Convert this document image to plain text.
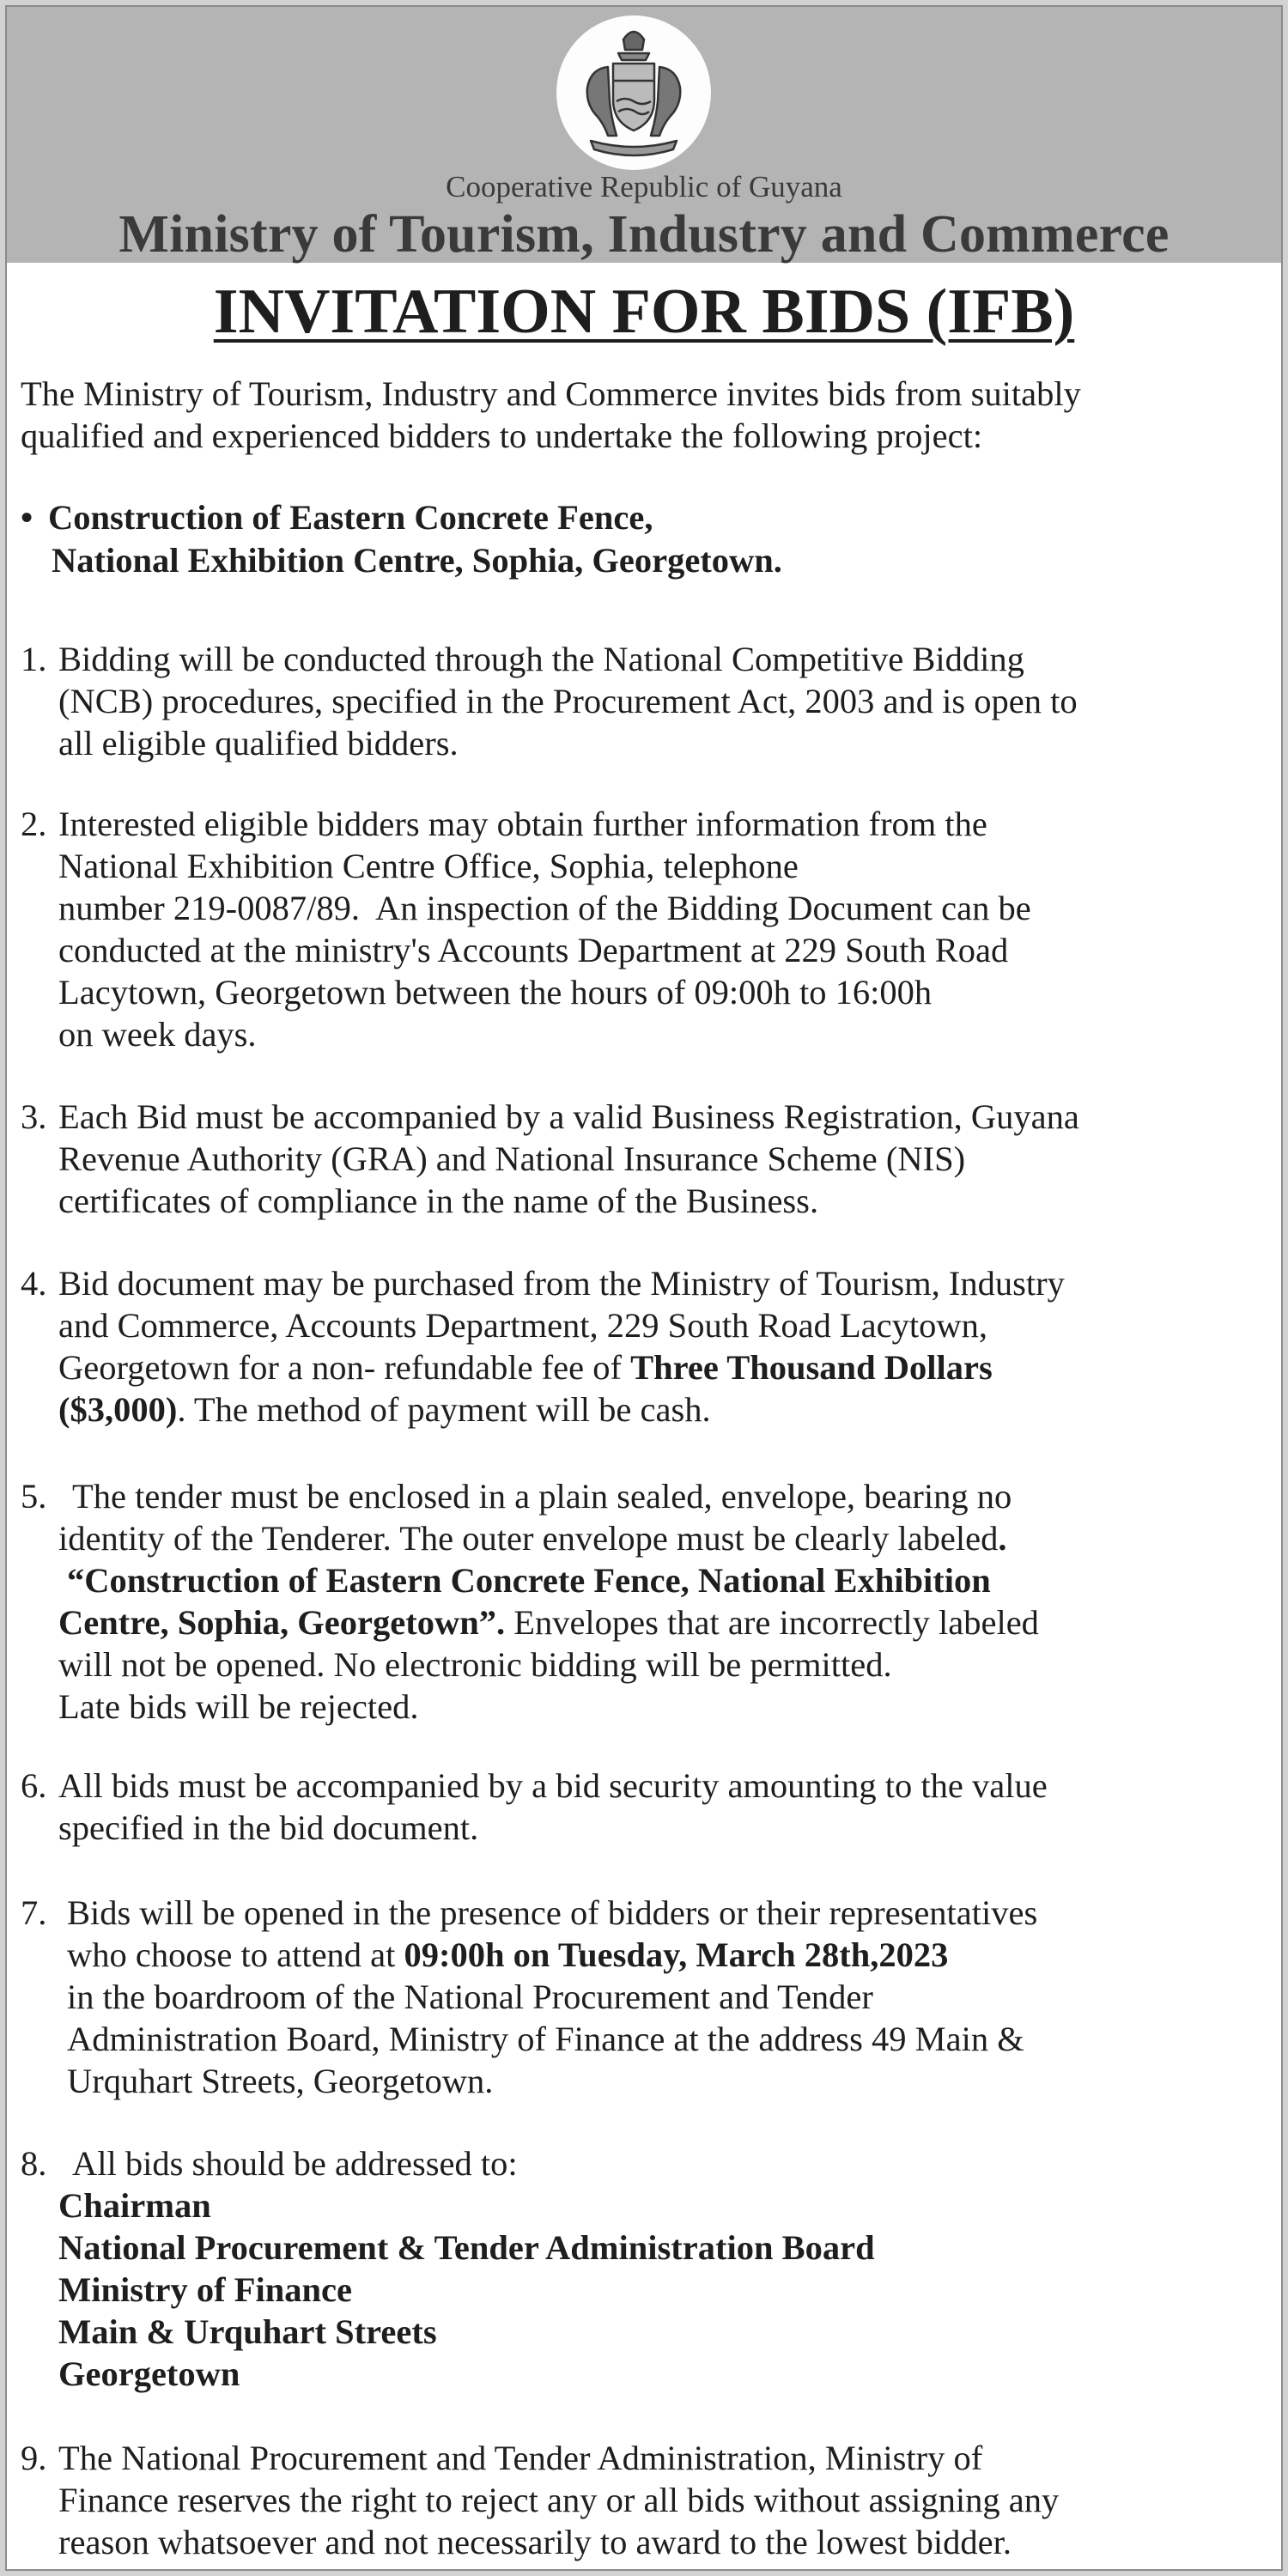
Cooperative Republic of Guyana
Ministry of Tourism, Industry and Commerce
INVITATION FOR BIDS (IFB)
The Ministry of Tourism, Industry and Commerce invites bids from suitably
qualified and experienced bidders to undertake the following project:
• Construction of Eastern Concrete Fence,
National Exhibition Centre, Sophia, Georgetown.
1. Bidding will be conducted through the National Competitive Bidding
(NCB) procedures, specified in the Procurement Act, 2003 and is open to
all eligible qualified bidders.
2. Interested eligible bidders may obtain further information from the
National Exhibition Centre Office, Sophia, telephone
number 219-0087/89.  An inspection of the Bidding Document can be
conducted at the ministry's Accounts Department at 229 South Road
Lacytown, Georgetown between the hours of 09:00h to 16:00h
on week days.
3. Each Bid must be accompanied by a valid Business Registration, Guyana
Revenue Authority (GRA) and National Insurance Scheme (NIS)
certificates of compliance in the name of the Business.
4. Bid document may be purchased from the Ministry of Tourism, Industry
and Commerce, Accounts Department, 229 South Road Lacytown,
Georgetown for a non- refundable fee of Three Thousand Dollars
($3,000). The method of payment will be cash.
5. The tender must be enclosed in a plain sealed, envelope, bearing no
identity of the Tenderer. The outer envelope must be clearly labeled.
“Construction of Eastern Concrete Fence, National Exhibition
Centre, Sophia, Georgetown”. Envelopes that are incorrectly labeled
will not be opened. No electronic bidding will be permitted.
Late bids will be rejected.
6. All bids must be accompanied by a bid security amounting to the value
specified in the bid document.
7. Bids will be opened in the presence of bidders or their representatives
who choose to attend at 09:00h on Tuesday, March 28th,2023
in the boardroom of the National Procurement and Tender
Administration Board, Ministry of Finance at the address 49 Main &
Urquhart Streets, Georgetown.
8. All bids should be addressed to:
Chairman
National Procurement & Tender Administration Board
Ministry of Finance
Main & Urquhart Streets
Georgetown
9. The National Procurement and Tender Administration, Ministry of
Finance reserves the right to reject any or all bids without assigning any
reason whatsoever and not necessarily to award to the lowest bidder.
